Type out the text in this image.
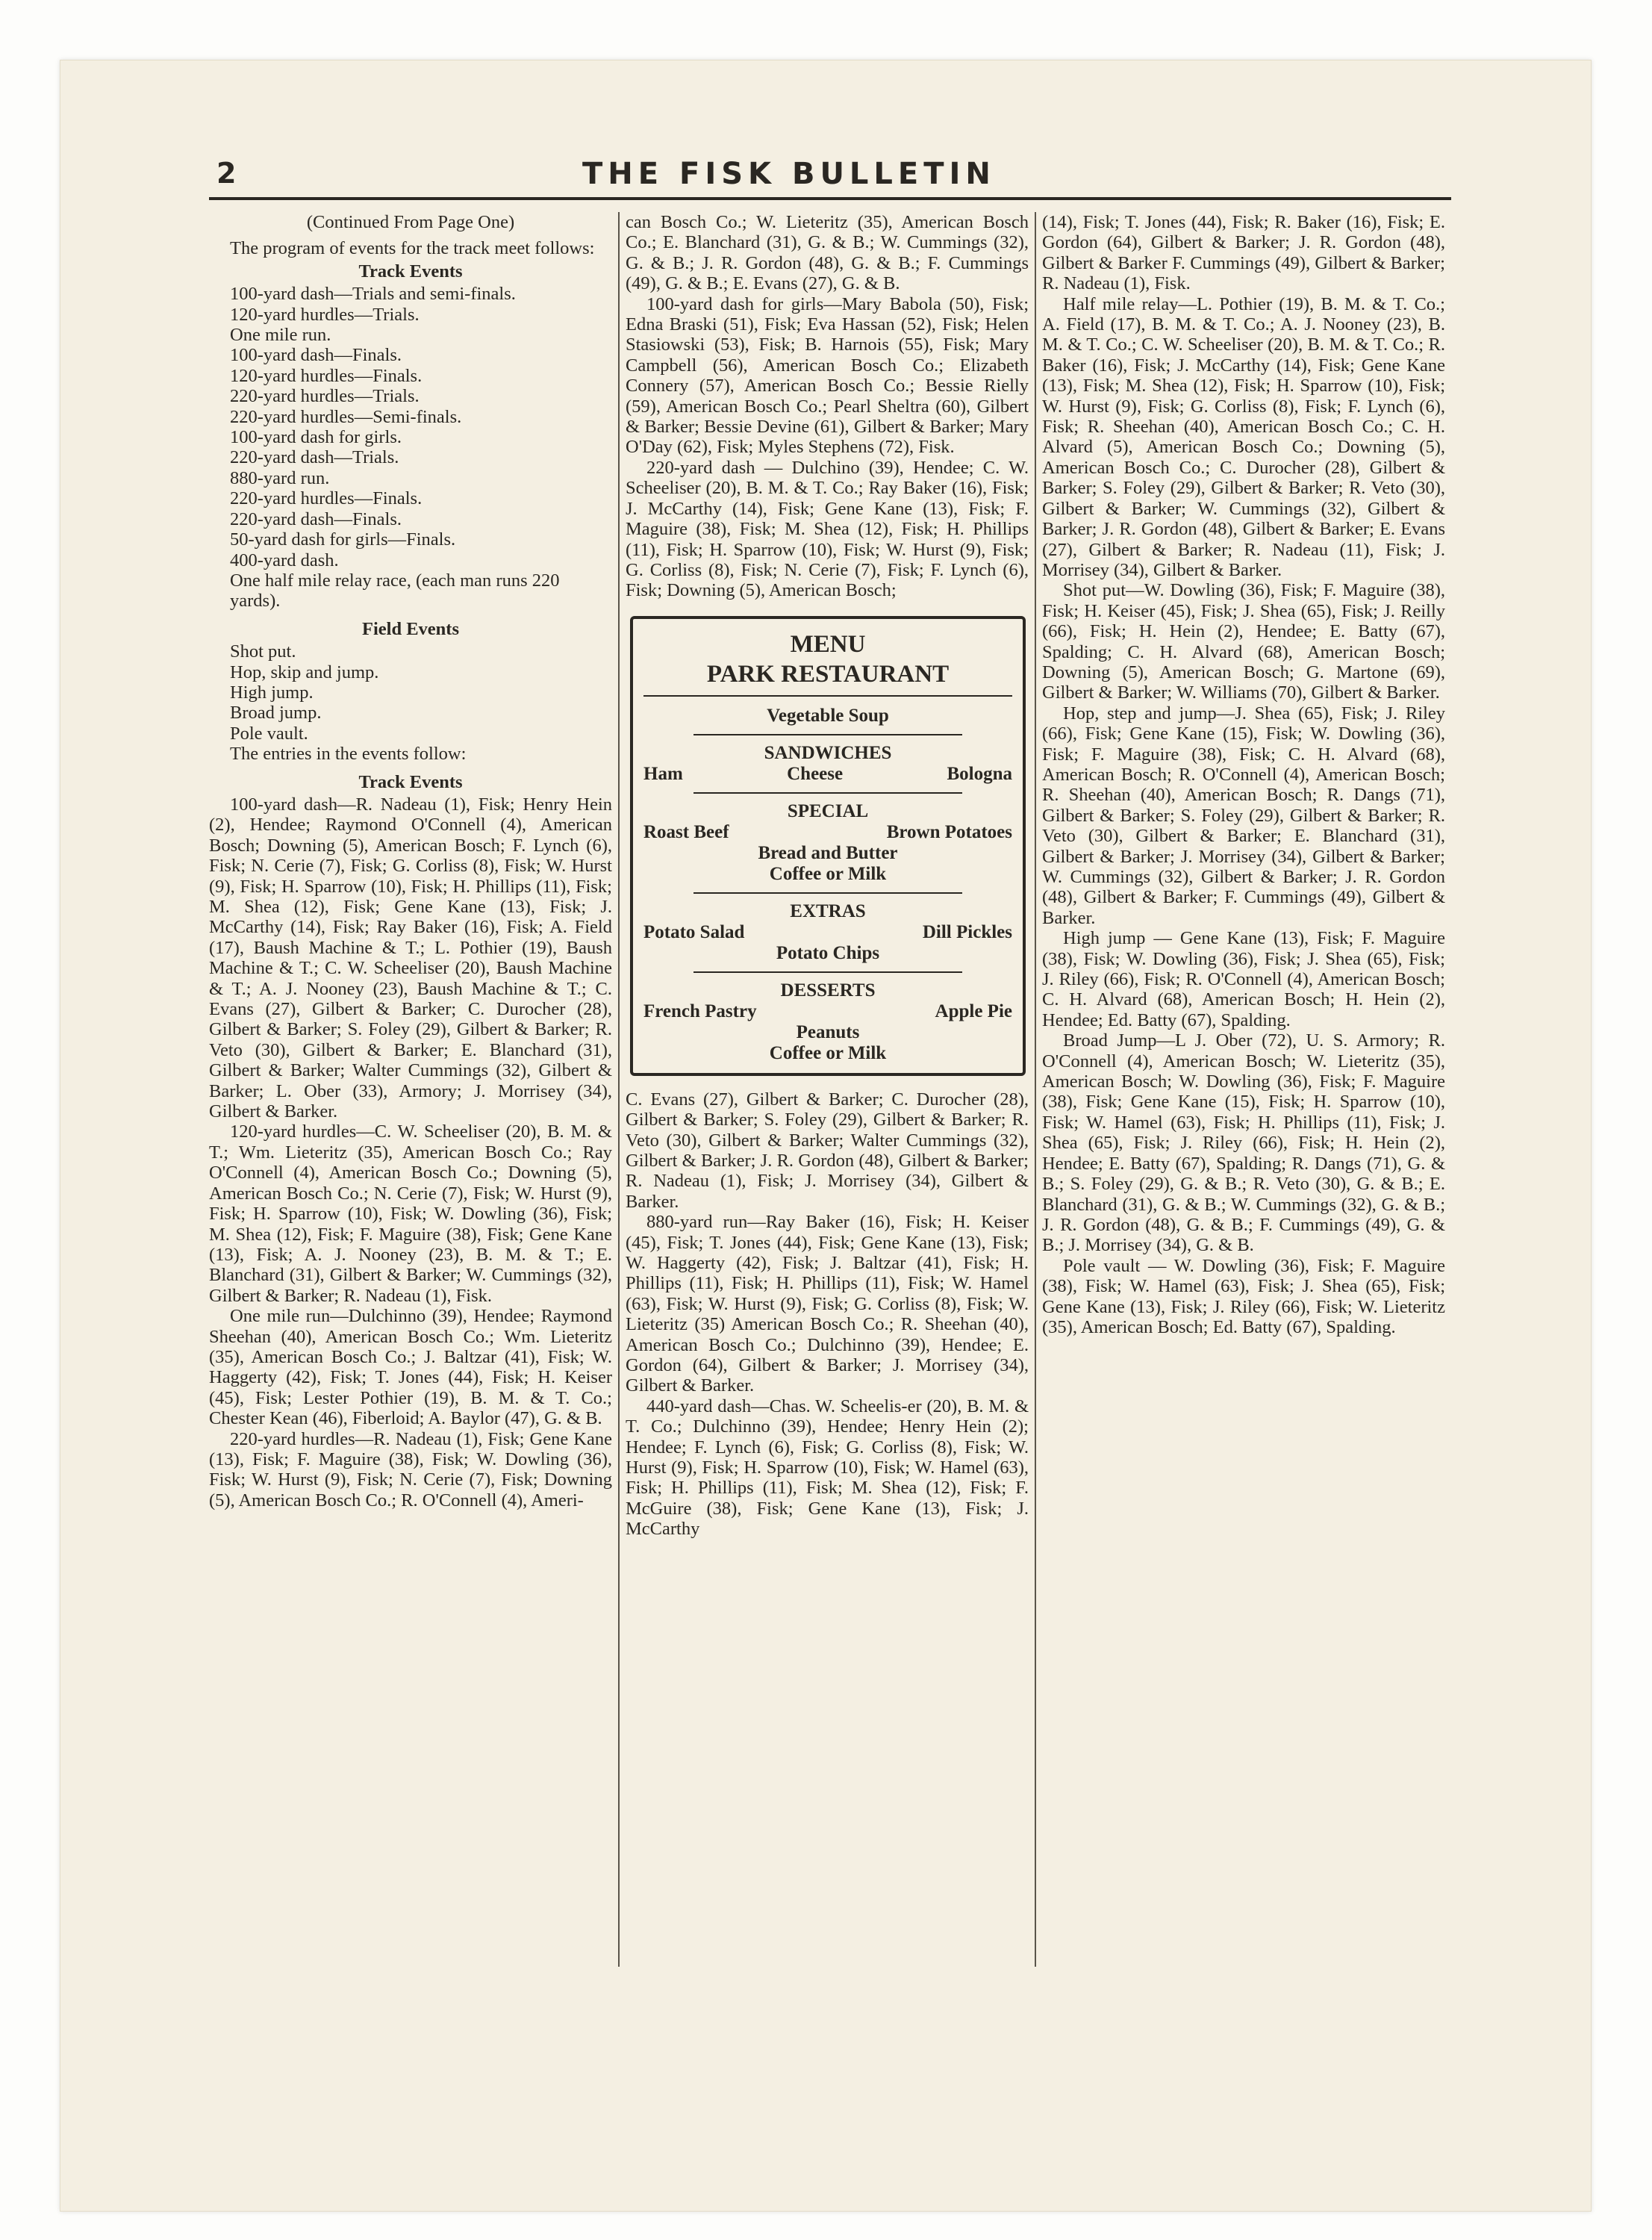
2	THE FISK BULLETIN

(Continued From Page One)

The program of events for the track meet follows:

Track Events

100-yard dash—Trials and semi-finals.

120-yard hurdles—Trials.

One mile run.

100-yard dash—Finals.

120-yard hurdles—Finals.

220-yard hurdles—Trials.

220-yard hurdles—Semi-finals.

100-yard dash for girls.

220-yard dash—Trials.

880-yard run.

220-yard hurdles—Finals.

220-yard dash—Finals.

50-yard dash for girls—Finals.

400-yard dash.

One half mile relay race, (each man runs 220 yards).

Field Events

Shot put.

Hop, skip and jump.

High jump.

Broad jump.

Pole vault.

The entries in the events follow:

Track Events

100-yard dash—R. Nadeau (1), Fisk; Henry Hein (2), Hendee; Raymond O'Connell (4), American Bosch; Downing (5), American Bosch; F. Lynch (6), Fisk; N. Cerie (7), Fisk; G. Corliss (8), Fisk; W. Hurst (9), Fisk; H. Sparrow (10), Fisk; H. Phillips (11), Fisk; M. Shea (12), Fisk; Gene Kane (13), Fisk; J. McCarthy (14), Fisk; Ray Baker (16), Fisk; A. Field (17), Baush Machine & T.; L. Pothier (19), Baush Machine & T.; C. W. Scheeliser (20), Baush Machine & T.; A. J. Nooney (23), Baush Machine & T.; C. Evans (27), Gilbert & Barker; C. Durocher (28), Gilbert & Barker; S. Foley (29), Gilbert & Barker; R. Veto (30), Gilbert & Barker; E. Blanchard (31), Gilbert & Barker; Walter Cummings (32), Gilbert & Barker; L. Ober (33), Armory; J. Morrisey (34), Gilbert & Barker.

120-yard hurdles—C. W. Scheeliser (20), B. M. & T.; Wm. Lieteritz (35), American Bosch Co.; Ray O'Connell (4), American Bosch Co.; Downing (5), American Bosch Co.; N. Cerie (7), Fisk; W. Hurst (9), Fisk; H. Sparrow (10), Fisk; W. Dowling (36), Fisk; M. Shea (12), Fisk; F. Maguire (38), Fisk; Gene Kane (13), Fisk; A. J. Nooney (23), B. M. & T.; E. Blanchard (31), Gilbert & Barker; W. Cummings (32), Gilbert & Barker; R. Nadeau (1), Fisk.

One mile run—Dulchinno (39), Hendee; Raymond Sheehan (40), American Bosch Co.; Wm. Lieteritz (35), American Bosch Co.; J. Baltzar (41), Fisk; W. Haggerty (42), Fisk; T. Jones (44), Fisk; H. Keiser (45), Fisk; Lester Pothier (19), B. M. & T. Co.; Chester Kean (46), Fiberloid; A. Baylor (47), G. & B.

220-yard hurdles—R. Nadeau (1), Fisk; Gene Kane (13), Fisk; F. Maguire (38), Fisk; W. Dowling (36), Fisk; W. Hurst (9), Fisk; N. Cerie (7), Fisk; Downing (5), American Bosch Co.; R. O'Connell (4), Ameri-

can Bosch Co.; W. Lieteritz (35), American Bosch Co.; E. Blanchard (31), G. & B.; W. Cummings (32), G. & B.; J. R. Gordon (48), G. & B.; F. Cummings (49), G. & B.; E. Evans (27), G. & B.

100-yard dash for girls—Mary Babola (50), Fisk; Edna Braski (51), Fisk; Eva Hassan (52), Fisk; Helen Stasiowski (53), Fisk; B. Harnois (55), Fisk; Mary Campbell (56), American Bosch Co.; Elizabeth Connery (57), American Bosch Co.; Bessie Rielly (59), American Bosch Co.; Pearl Sheltra (60), Gilbert & Barker; Bessie Devine (61), Gilbert & Barker; Mary O'Day (62), Fisk; Myles Stephens (72), Fisk.

220-yard dash — Dulchino (39), Hendee; C. W. Scheeliser (20), B. M. & T. Co.; Ray Baker (16), Fisk; J. McCarthy (14), Fisk; Gene Kane (13), Fisk; F. Maguire (38), Fisk; M. Shea (12), Fisk; H. Phillips (11), Fisk; H. Sparrow (10), Fisk; W. Hurst (9), Fisk; G. Corliss (8), Fisk; N. Cerie (7), Fisk; F. Lynch (6), Fisk; Downing (5), American Bosch;

MENU
PARK RESTAURANT
Vegetable Soup
SANDWICHES
Ham	Cheese	Bologna
SPECIAL
Roast Beef	Brown Potatoes
Bread and Butter
Coffee or Milk
EXTRAS
Potato Salad	Dill Pickles
Potato Chips
DESSERTS
French Pastry	Apple Pie
Peanuts
Coffee or Milk

C. Evans (27), Gilbert & Barker; C. Durocher (28), Gilbert & Barker; S. Foley (29), Gilbert & Barker; R. Veto (30), Gilbert & Barker; Walter Cummings (32), Gilbert & Barker; J. R. Gordon (48), Gilbert & Barker; R. Nadeau (1), Fisk; J. Morrisey (34), Gilbert & Barker.

880-yard run—Ray Baker (16), Fisk; H. Keiser (45), Fisk; T. Jones (44), Fisk; Gene Kane (13), Fisk; W. Haggerty (42), Fisk; J. Baltzar (41), Fisk; H. Phillips (11), Fisk; H. Phillips (11), Fisk; W. Hamel (63), Fisk; W. Hurst (9), Fisk; G. Corliss (8), Fisk; W. Lieteritz (35) American Bosch Co.; R. Sheehan (40), American Bosch Co.; Dulchinno (39), Hendee; E. Gordon (64), Gilbert & Barker; J. Morrisey (34), Gilbert & Barker.

440-yard dash—Chas. W. Scheelis-er (20), B. M. & T. Co.; Dulchinno (39), Hendee; Henry Hein (2); Hendee; F. Lynch (6), Fisk; G. Corliss (8), Fisk; W. Hurst (9), Fisk; H. Sparrow (10), Fisk; W. Hamel (63), Fisk; H. Phillips (11), Fisk; M. Shea (12), Fisk; F. McGuire (38), Fisk; Gene Kane (13), Fisk; J. McCarthy

(14), Fisk; T. Jones (44), Fisk; R. Baker (16), Fisk; E. Gordon (64), Gilbert & Barker; J. R. Gordon (48), Gilbert & Barker F. Cummings (49), Gilbert & Barker; R. Nadeau (1), Fisk.

Half mile relay—L. Pothier (19), B. M. & T. Co.; A. Field (17), B. M. & T. Co.; A. J. Nooney (23), B. M. & T. Co.; C. W. Scheeliser (20), B. M. & T. Co.; R. Baker (16), Fisk; J. McCarthy (14), Fisk; Gene Kane (13), Fisk; M. Shea (12), Fisk; H. Sparrow (10), Fisk; W. Hurst (9), Fisk; G. Corliss (8), Fisk; F. Lynch (6), Fisk; R. Sheehan (40), American Bosch Co.; C. H. Alvard (5), American Bosch Co.; Downing (5), American Bosch Co.; C. Durocher (28), Gilbert & Barker; S. Foley (29), Gilbert & Barker; R. Veto (30), Gilbert & Barker; W. Cummings (32), Gilbert & Barker; J. R. Gordon (48), Gilbert & Barker; E. Evans (27), Gilbert & Barker; R. Nadeau (11), Fisk; J. Morrisey (34), Gilbert & Barker.

Shot put—W. Dowling (36), Fisk; F. Maguire (38), Fisk; H. Keiser (45), Fisk; J. Shea (65), Fisk; J. Reilly (66), Fisk; H. Hein (2), Hendee; E. Batty (67), Spalding; C. H. Alvard (68), American Bosch; Downing (5), American Bosch; G. Martone (69), Gilbert & Barker; W. Williams (70), Gilbert & Barker.

Hop, step and jump—J. Shea (65), Fisk; J. Riley (66), Fisk; Gene Kane (15), Fisk; W. Dowling (36), Fisk; F. Maguire (38), Fisk; C. H. Alvard (68), American Bosch; R. O'Connell (4), American Bosch; R. Sheehan (40), American Bosch; R. Dangs (71), Gilbert & Barker; S. Foley (29), Gilbert & Barker; R. Veto (30), Gilbert & Barker; E. Blanchard (31), Gilbert & Barker; J. Morrisey (34), Gilbert & Barker; W. Cummings (32), Gilbert & Barker; J. R. Gordon (48), Gilbert & Barker; F. Cummings (49), Gilbert & Barker.

High jump — Gene Kane (13), Fisk; F. Maguire (38), Fisk; W. Dowling (36), Fisk; J. Shea (65), Fisk; J. Riley (66), Fisk; R. O'Connell (4), American Bosch; C. H. Alvard (68), American Bosch; H. Hein (2), Hendee; Ed. Batty (67), Spalding.

Broad Jump—L J. Ober (72), U. S. Armory; R. O'Connell (4), American Bosch; W. Lieteritz (35), American Bosch; W. Dowling (36), Fisk; F. Maguire (38), Fisk; Gene Kane (15), Fisk; H. Sparrow (10), Fisk; W. Hamel (63), Fisk; H. Phillips (11), Fisk; J. Shea (65), Fisk; J. Riley (66), Fisk; H. Hein (2), Hendee; E. Batty (67), Spalding; R. Dangs (71), G. & B.; S. Foley (29), G. & B.; R. Veto (30), G. & B.; E. Blanchard (31), G. & B.; W. Cummings (32), G. & B.; J. R. Gordon (48), G. & B.; F. Cummings (49), G. & B.; J. Morrisey (34), G. & B.

Pole vault — W. Dowling (36), Fisk; F. Maguire (38), Fisk; W. Hamel (63), Fisk; J. Shea (65), Fisk; Gene Kane (13), Fisk; J. Riley (66), Fisk; W. Lieteritz (35), American Bosch; Ed. Batty (67), Spalding.
